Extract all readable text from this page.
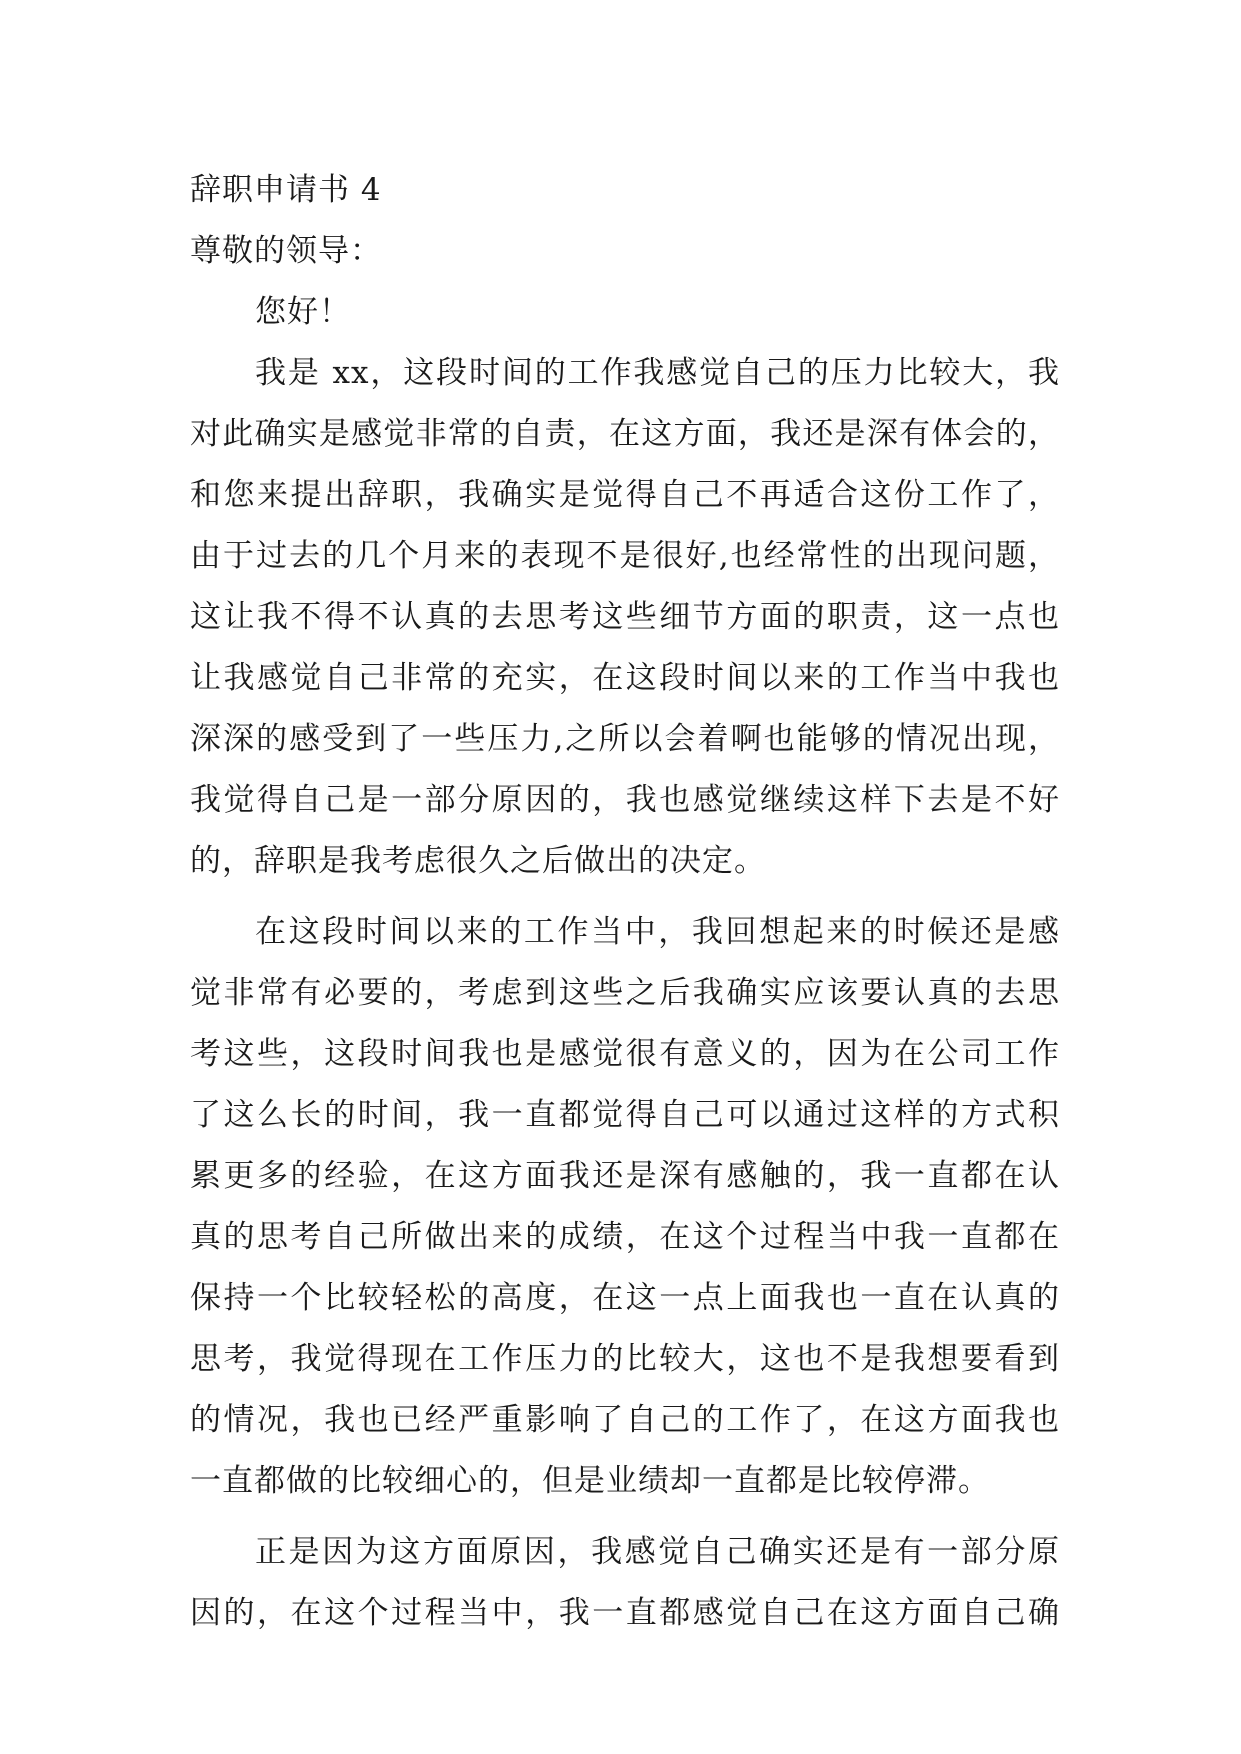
辞职申请书 4
尊敬的领导：
您好！
我是 xx，这段时间的工作我感觉自己的压力比较大，我
对此确实是感觉非常的自责，在这方面，我还是深有体会的，
和您来提出辞职，我确实是觉得自己不再适合这份工作了，
由于过去的几个月来的表现不是很好,也经常性的出现问题，
这让我不得不认真的去思考这些细节方面的职责，这一点也
让我感觉自己非常的充实，在这段时间以来的工作当中我也
深深的感受到了一些压力,之所以会着啊也能够的情况出现，
我觉得自己是一部分原因的，我也感觉继续这样下去是不好
的，辞职是我考虑很久之后做出的决定。
在这段时间以来的工作当中，我回想起来的时候还是感
觉非常有必要的，考虑到这些之后我确实应该要认真的去思
考这些，这段时间我也是感觉很有意义的，因为在公司工作
了这么长的时间，我一直都觉得自己可以通过这样的方式积
累更多的经验，在这方面我还是深有感触的，我一直都在认
真的思考自己所做出来的成绩，在这个过程当中我一直都在
保持一个比较轻松的高度，在这一点上面我也一直在认真的
思考，我觉得现在工作压力的比较大，这也不是我想要看到
的情况，我也已经严重影响了自己的工作了，在这方面我也
一直都做的比较细心的，但是业绩却一直都是比较停滞。
正是因为这方面原因，我感觉自己确实还是有一部分原
因的，在这个过程当中，我一直都感觉自己在这方面自己确
